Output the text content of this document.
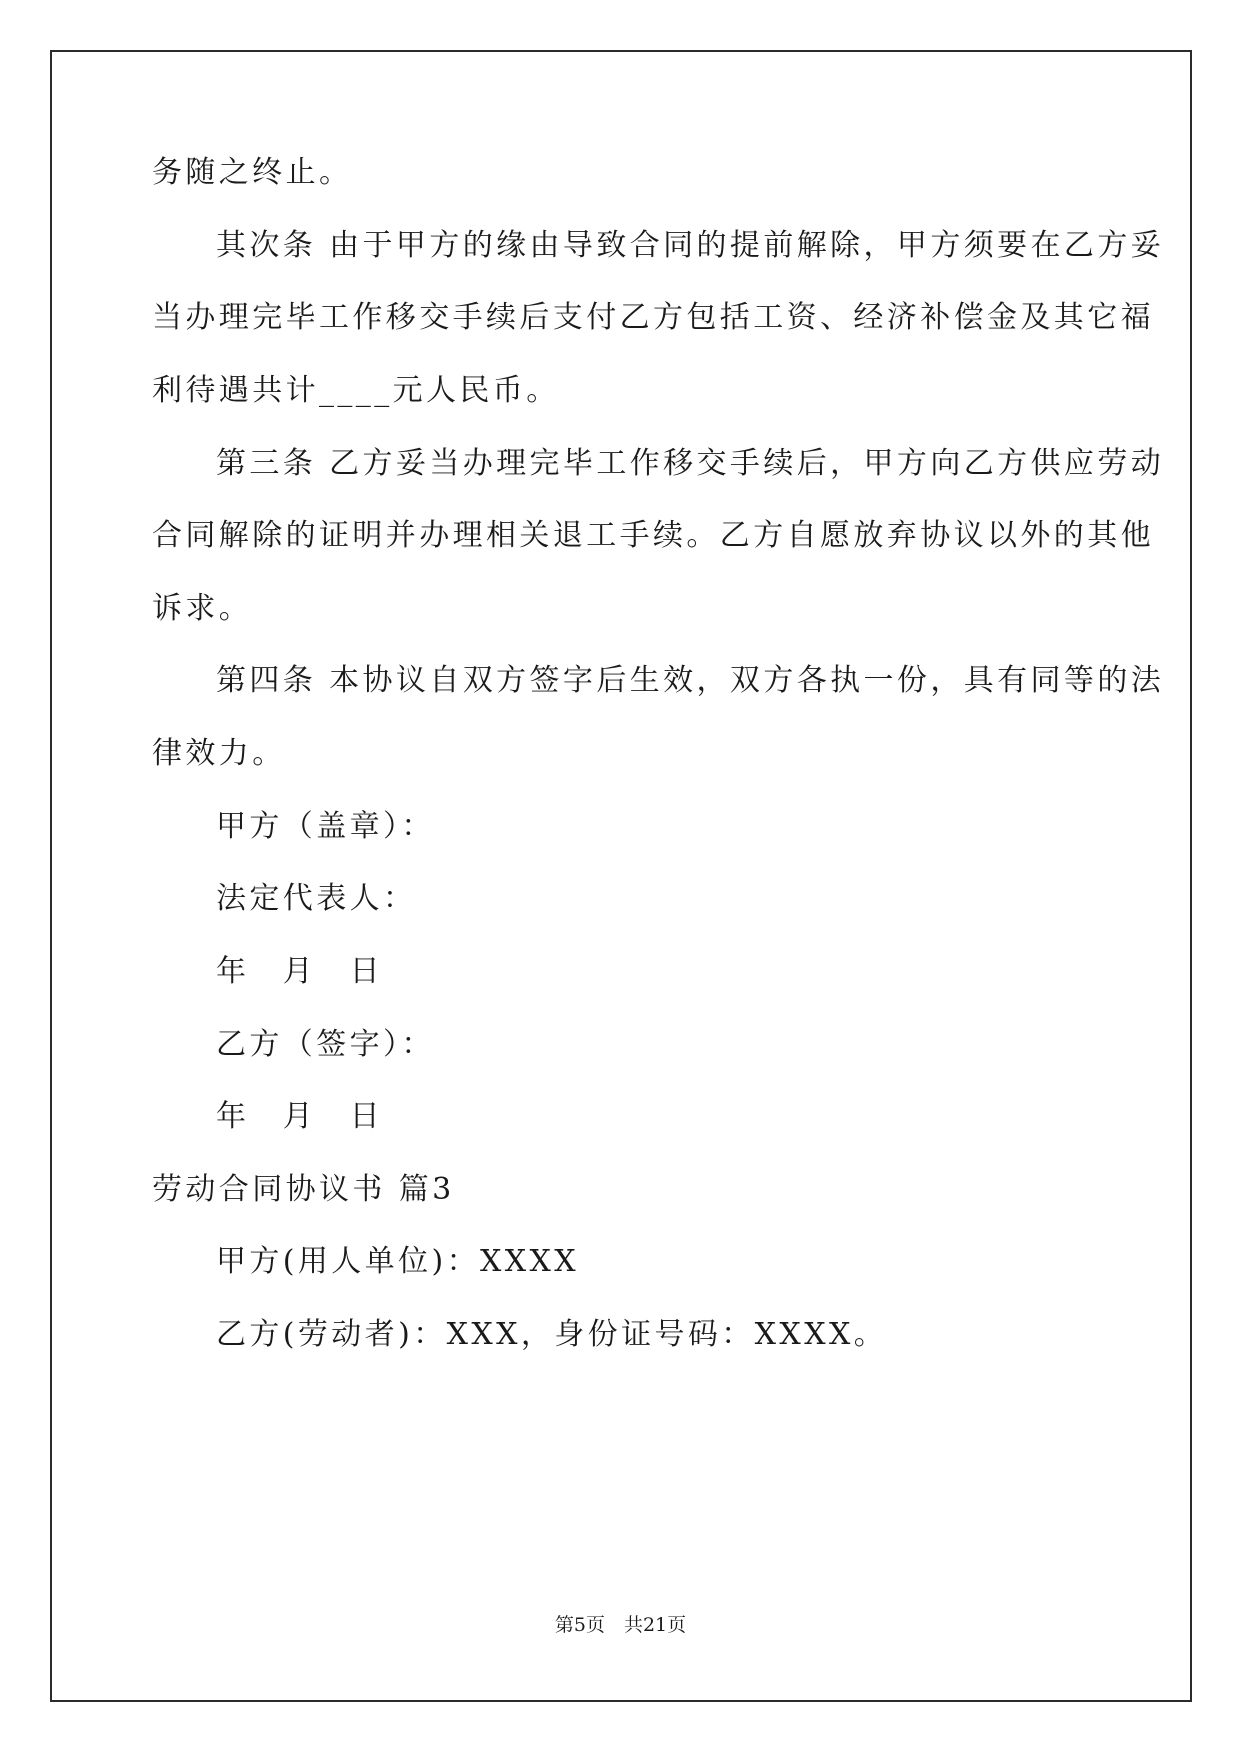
务随之终止。
其次条 由于甲方的缘由导致合同的提前解除，甲方须要在乙方妥
当办理完毕工作移交手续后支付乙方包括工资、经济补偿金及其它福
利待遇共计____元人民币。
第三条 乙方妥当办理完毕工作移交手续后，甲方向乙方供应劳动
合同解除的证明并办理相关退工手续。乙方自愿放弃协议以外的其他
诉求。
第四条 本协议自双方签字后生效，双方各执一份，具有同等的法
律效力。
甲方（盖章）：
法定代表人：
年　月　日
乙方（签字）：
年　月　日
劳动合同协议书 篇3
甲方(用人单位)：XXXX
乙方(劳动者)：XXX，身份证号码：XXXX。
第5页　共21页
